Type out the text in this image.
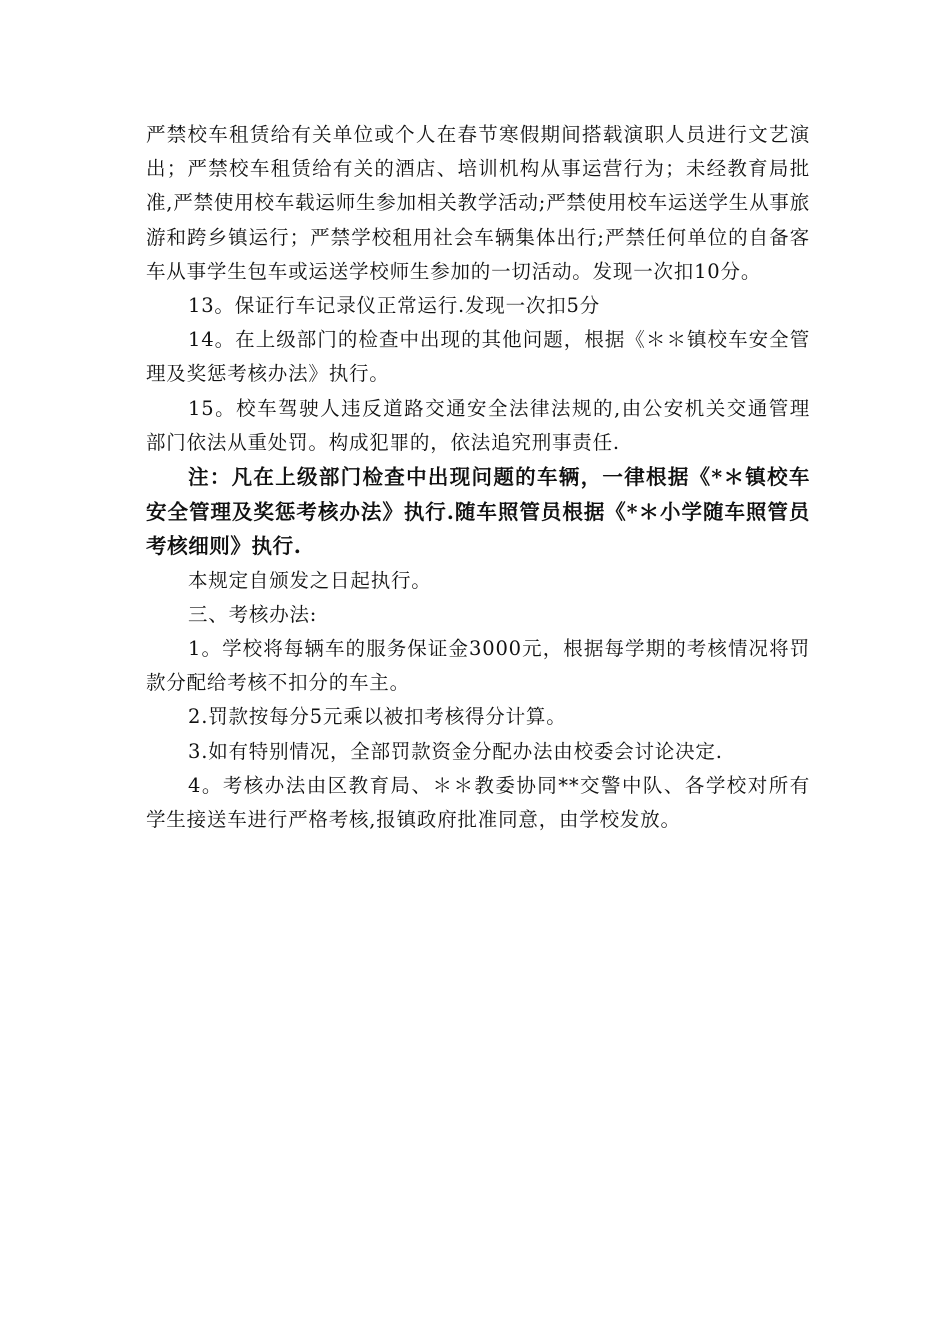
严禁校车租赁给有关单位或个人在春节寒假期间搭载演职人员进行文艺演出；严禁校车租赁给有关的酒店、培训机构从事运营行为；未经教育局批准,严禁使用校车载运师生参加相关教学活动;严禁使用校车运送学生从事旅游和跨乡镇运行；严禁学校租用社会车辆集体出行;严禁任何单位的自备客车从事学生包车或运送学校师生参加的一切活动。发现一次扣10分。

13。保证行车记录仪正常运行.发现一次扣5分

14。在上级部门的检查中出现的其他问题，根据《＊＊镇校车安全管理及奖惩考核办法》执行。

15。校车驾驶人违反道路交通安全法律法规的,由公安机关交通管理部门依法从重处罚。构成犯罪的，依法追究刑事责任.

注：凡在上级部门检查中出现问题的车辆，一律根据《*＊镇校车安全管理及奖惩考核办法》执行.随车照管员根据《*＊小学随车照管员考核细则》执行.

本规定自颁发之日起执行。

三、考核办法:

1。学校将每辆车的服务保证金3000元，根据每学期的考核情况将罚款分配给考核不扣分的车主。

2.罚款按每分5元乘以被扣考核得分计算。

3.如有特别情况，全部罚款资金分配办法由校委会讨论决定.

4。考核办法由区教育局、＊＊教委协同**交警中队、各学校对所有学生接送车进行严格考核,报镇政府批准同意，由学校发放。
